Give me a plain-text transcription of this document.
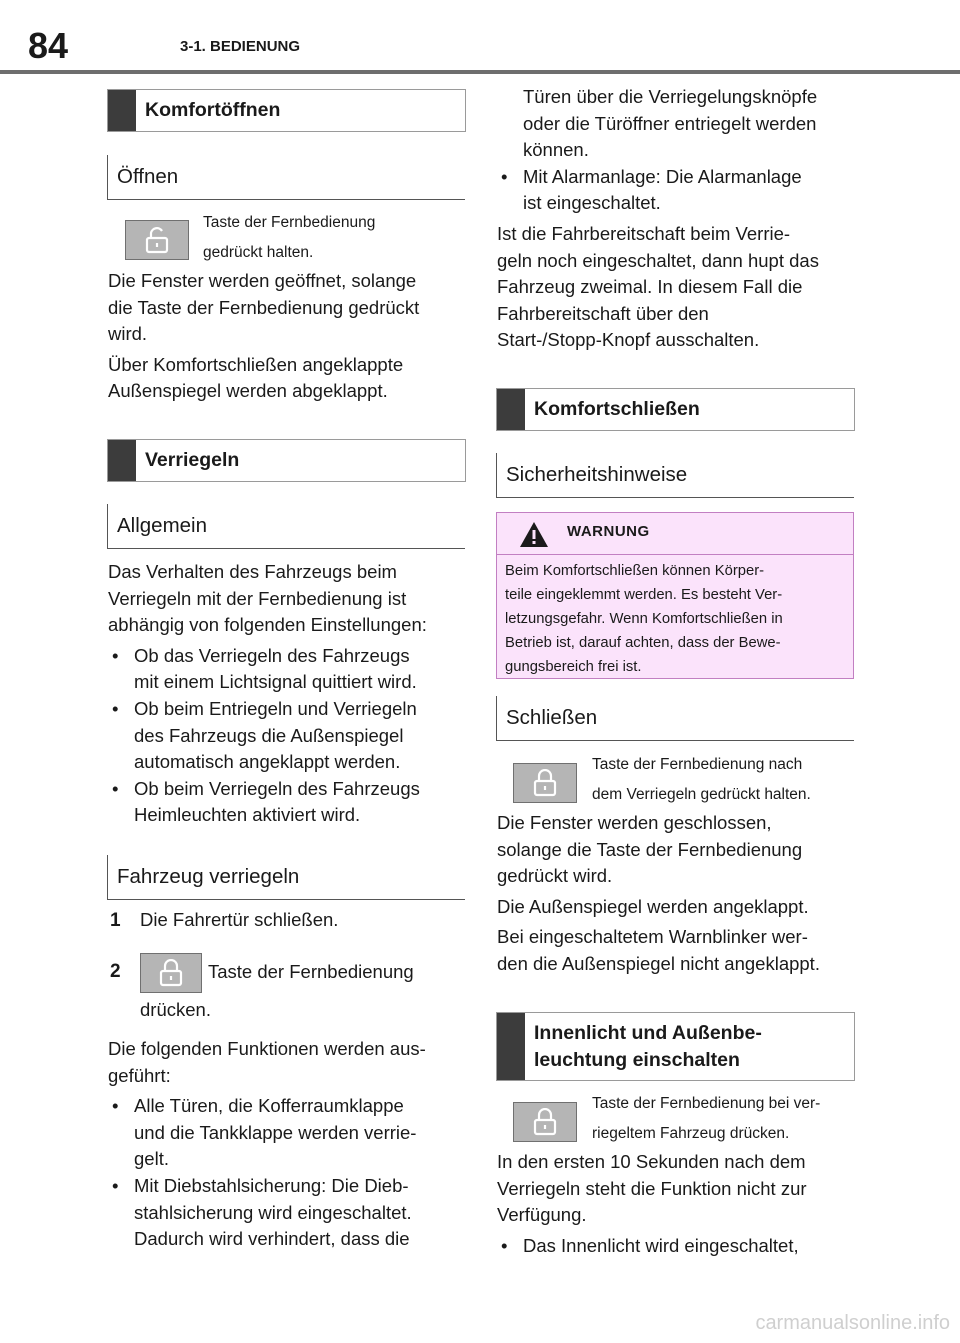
84	3-1. BEDIENUNG
Komfortöffnen
Öffnen
Taste der Fernbedienung
gedrückt halten.
Die Fenster werden geöffnet, solange
die Taste der Fernbedienung gedrückt
wird.
Über Komfortschließen angeklappte
Außenspiegel werden abgeklappt.
Verriegeln
Allgemein
Das Verhalten des Fahrzeugs beim
Verriegeln mit der Fernbedienung ist
abhängig von folgenden Einstellungen:
• Ob das Verriegeln des Fahrzeugs
mit einem Lichtsignal quittiert wird.
• Ob beim Entriegeln und Verriegeln
des Fahrzeugs die Außenspiegel
automatisch angeklappt werden.
• Ob beim Verriegeln des Fahrzeugs
Heimleuchten aktiviert wird.
Fahrzeug verriegeln
1 Die Fahrertür schließen.
2	Taste der Fernbedienung
drücken.
Die folgenden Funktionen werden aus-
geführt:
• Alle Türen, die Kofferraumklappe
und die Tankklappe werden verrie-
gelt.
• Mit Diebstahlsicherung: Die Dieb-
stahlsicherung wird eingeschaltet.
Dadurch wird verhindert, dass die
Türen über die Verriegelungsknöpfe
oder die Türöffner entriegelt werden
können.
• Mit Alarmanlage: Die Alarmanlage
ist eingeschaltet.
Ist die Fahrbereitschaft beim Verrie-
geln noch eingeschaltet, dann hupt das
Fahrzeug zweimal. In diesem Fall die
Fahrbereitschaft über den
Start-/Stopp-Knopf ausschalten.
Komfortschließen
Sicherheitshinweise
WARNUNG
Beim Komfortschließen können Körper-
teile eingeklemmt werden. Es besteht Ver-
letzungsgefahr. Wenn Komfortschließen in
Betrieb ist, darauf achten, dass der Bewe-
gungsbereich frei ist.
Schließen
Taste der Fernbedienung nach
dem Verriegeln gedrückt halten.
Die Fenster werden geschlossen,
solange die Taste der Fernbedienung
gedrückt wird.
Die Außenspiegel werden angeklappt.
Bei eingeschaltetem Warnblinker wer-
den die Außenspiegel nicht angeklappt.
Innenlicht und Außenbe-
leuchtung einschalten
Taste der Fernbedienung bei ver-
riegeltem Fahrzeug drücken.
In den ersten 10 Sekunden nach dem
Verriegeln steht die Funktion nicht zur
Verfügung.
• Das Innenlicht wird eingeschaltet,
carmanualsonline.info
